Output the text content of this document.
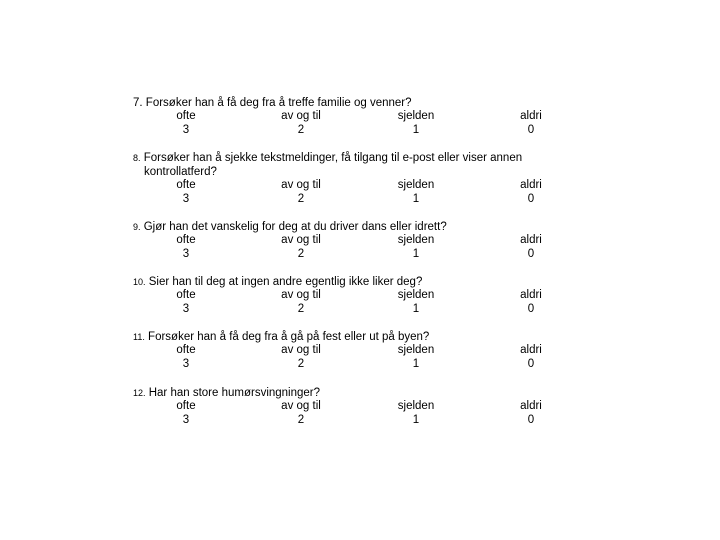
7. Forsøker han å få deg fra å treffe familie og venner?
ofte	av og til	sjelden	aldri
3	2	1	0
8. Forsøker han å sjekke tekstmeldinger, få tilgang til e-post eller viser annen
kontrollatferd?
ofte	av og til	sjelden	aldri
3	2	1	0
9. Gjør han det vanskelig for deg at du driver dans eller idrett?
ofte	av og til	sjelden	aldri
3	2	1	0
10. Sier han til deg at ingen andre egentlig ikke liker deg?
ofte	av og til	sjelden	aldri
3	2	1	0
11. Forsøker han å få deg fra å gå på fest eller ut på byen?
ofte	av og til	sjelden	aldri
3	2	1	0
12. Har han store humørsvingninger?
ofte	av og til	sjelden	aldri
3	2	1	0
